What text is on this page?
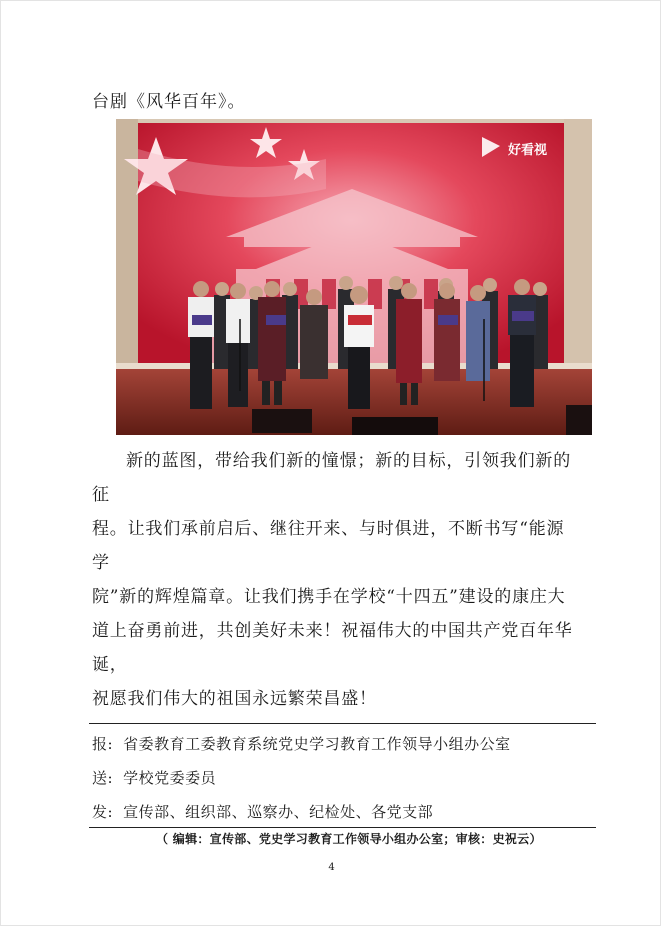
台剧《风华百年》。
好看视

新的蓝图，带给我们新的憧憬；新的目标，引领我们新的征

程。让我们承前启后、继往开来、与时俱进，不断书写“能源学

院”新的辉煌篇章。让我们携手在学校“十四五”建设的康庄大

道上奋勇前进，共创美好未来！祝福伟大的中国共产党百年华诞，

祝愿我们伟大的祖国永远繁荣昌盛！

报: 省委教育工委教育系统党史学习教育工作领导小组办公室
送: 学校党委委员
发: 宣传部、组织部、巡察办、纪检处、各党支部
（ 编辑：宣传部、党史学习教育工作领导小组办公室；审核：史祝云）
4
